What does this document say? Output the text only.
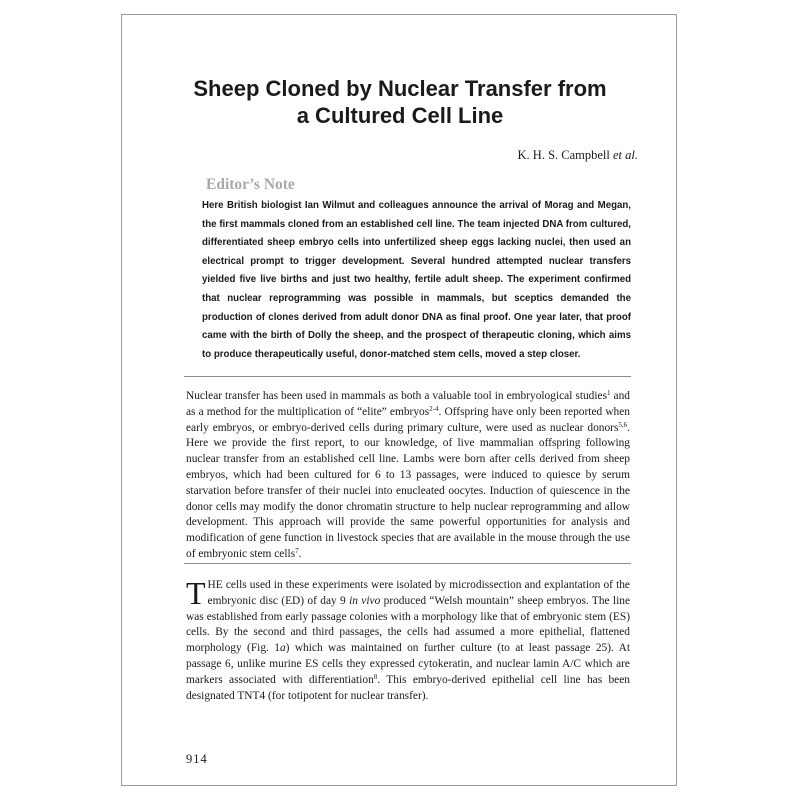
Sheep Cloned by Nuclear Transfer from
a Cultured Cell Line
K. H. S. Campbell et al.
Editor’s Note

Here British biologist Ian Wilmut and colleagues announce the arrival of Morag and Megan, the first mammals cloned from an established cell line. The team injected DNA from cultured, differentiated sheep embryo cells into unfertilized sheep eggs lacking nuclei, then used an electrical prompt to trigger development. Several hundred attempted nuclear transfers yielded five live births and just two healthy, fertile adult sheep. The experiment confirmed that nuclear reprogramming was possible in mammals, but sceptics demanded the production of clones derived from adult donor DNA as final proof. One year later, that proof came with the birth of Dolly the sheep, and the prospect of therapeutic cloning, which aims to produce therapeutically useful, donor-matched stem cells, moved a step closer.

Nuclear transfer has been used in mammals as both a valuable tool in embryological studies$^1$ and as a method for the multiplication of “elite” embryos$^{2-4}$. Offspring have only been reported when early embryos, or embryo-derived cells during primary culture, were used as nuclear donors$^{5,6}$. Here we provide the first report, to our knowledge, of live mammalian offspring following nuclear transfer from an established cell line. Lambs were born after cells derived from sheep embryos, which had been cultured for 6 to 13 passages, were induced to quiesce by serum starvation before transfer of their nuclei into enucleated oocytes. Induction of quiescence in the donor cells may modify the donor chromatin structure to help nuclear reprogramming and allow development. This approach will provide the same powerful opportunities for analysis and modification of gene function in livestock species that are available in the mouse through the use of embryonic stem cells$^7$.

THE cells used in these experiments were isolated by microdissection and explantation of the embryonic disc (ED) of day 9 in vivo produced “Welsh mountain” sheep embryos. The line was established from early passage colonies with a morphology like that of embryonic stem (ES) cells. By the second and third passages, the cells had assumed a more epithelial, flattened morphology (Fig. 1a) which was maintained on further culture (to at least passage 25). At passage 6, unlike murine ES cells they expressed cytokeratin, and nuclear lamin A/C which are markers associated with differentiation$^8$. This embryo-derived epithelial cell line has been designated TNT4 (for totipotent for nuclear transfer).

914
